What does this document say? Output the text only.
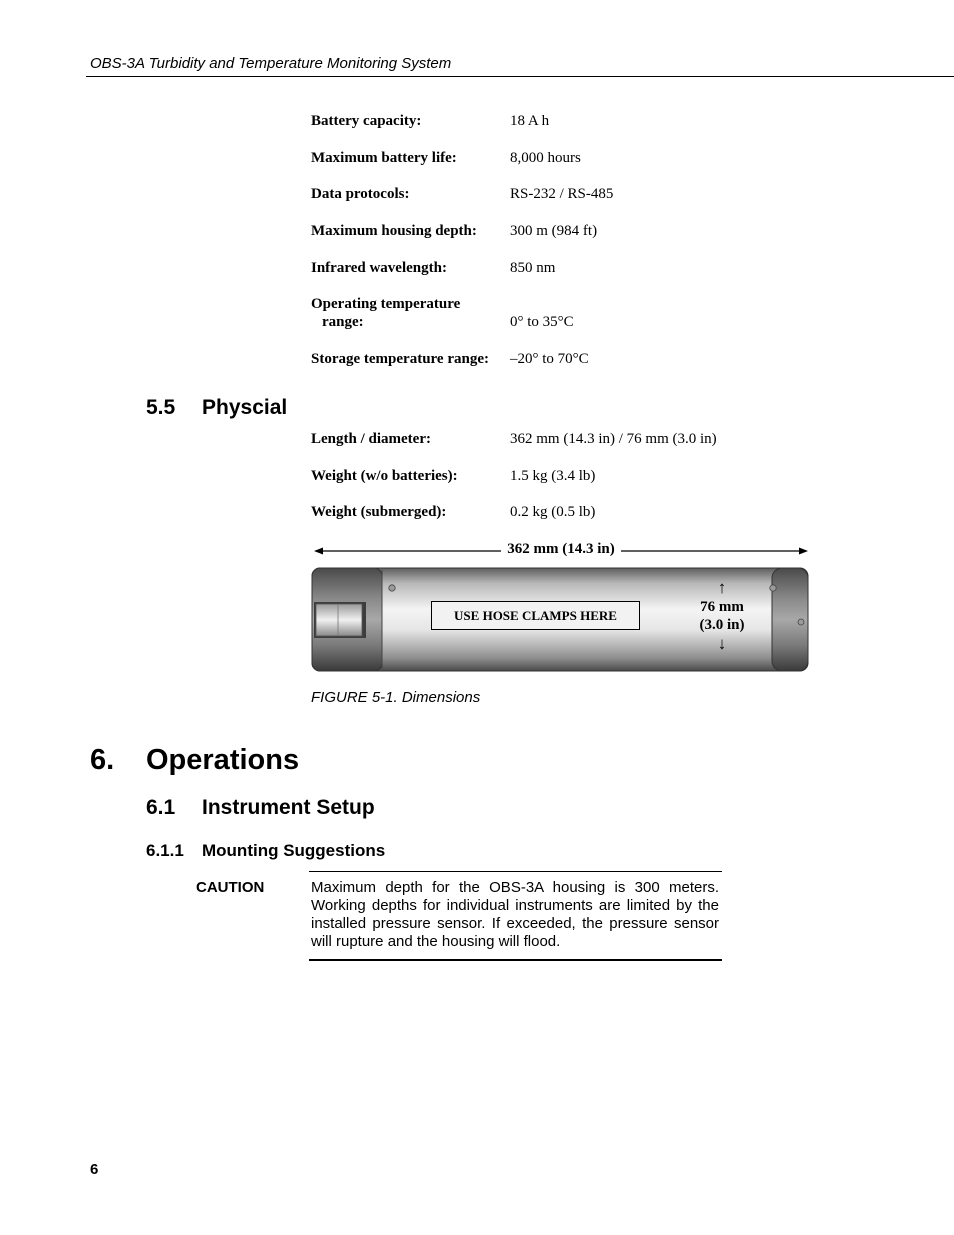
OBS-3A Turbidity and Temperature Monitoring System
Battery capacity:	18 A h
Maximum battery life:	8,000 hours
Data protocols:	RS-232 / RS-485
Maximum housing depth:	300 m (984 ft)
Infrared wavelength:	850 nm
Operating temperature
range:	0° to 35°C
Storage temperature range:	–20° to 70°C
5.5 Physcial
Length / diameter:	362 mm (14.3 in) / 76 mm (3.0 in)
Weight (w/o batteries):	1.5 kg (3.4 lb)
Weight (submerged):	0.2 kg (0.5 lb)
362 mm (14.3 in)
USE HOSE CLAMPS HERE
↑
76 mm
(3.0 in)
↓
FIGURE 5-1. Dimensions
6. Operations
6.1 Instrument Setup
6.1.1 Mounting Suggestions
CAUTION	Maximum depth for the OBS-3A housing is 300 meters. Working depths for individual instruments are limited by the installed pressure sensor. If exceeded, the pressure sensor will rupture and the housing will flood.
6
